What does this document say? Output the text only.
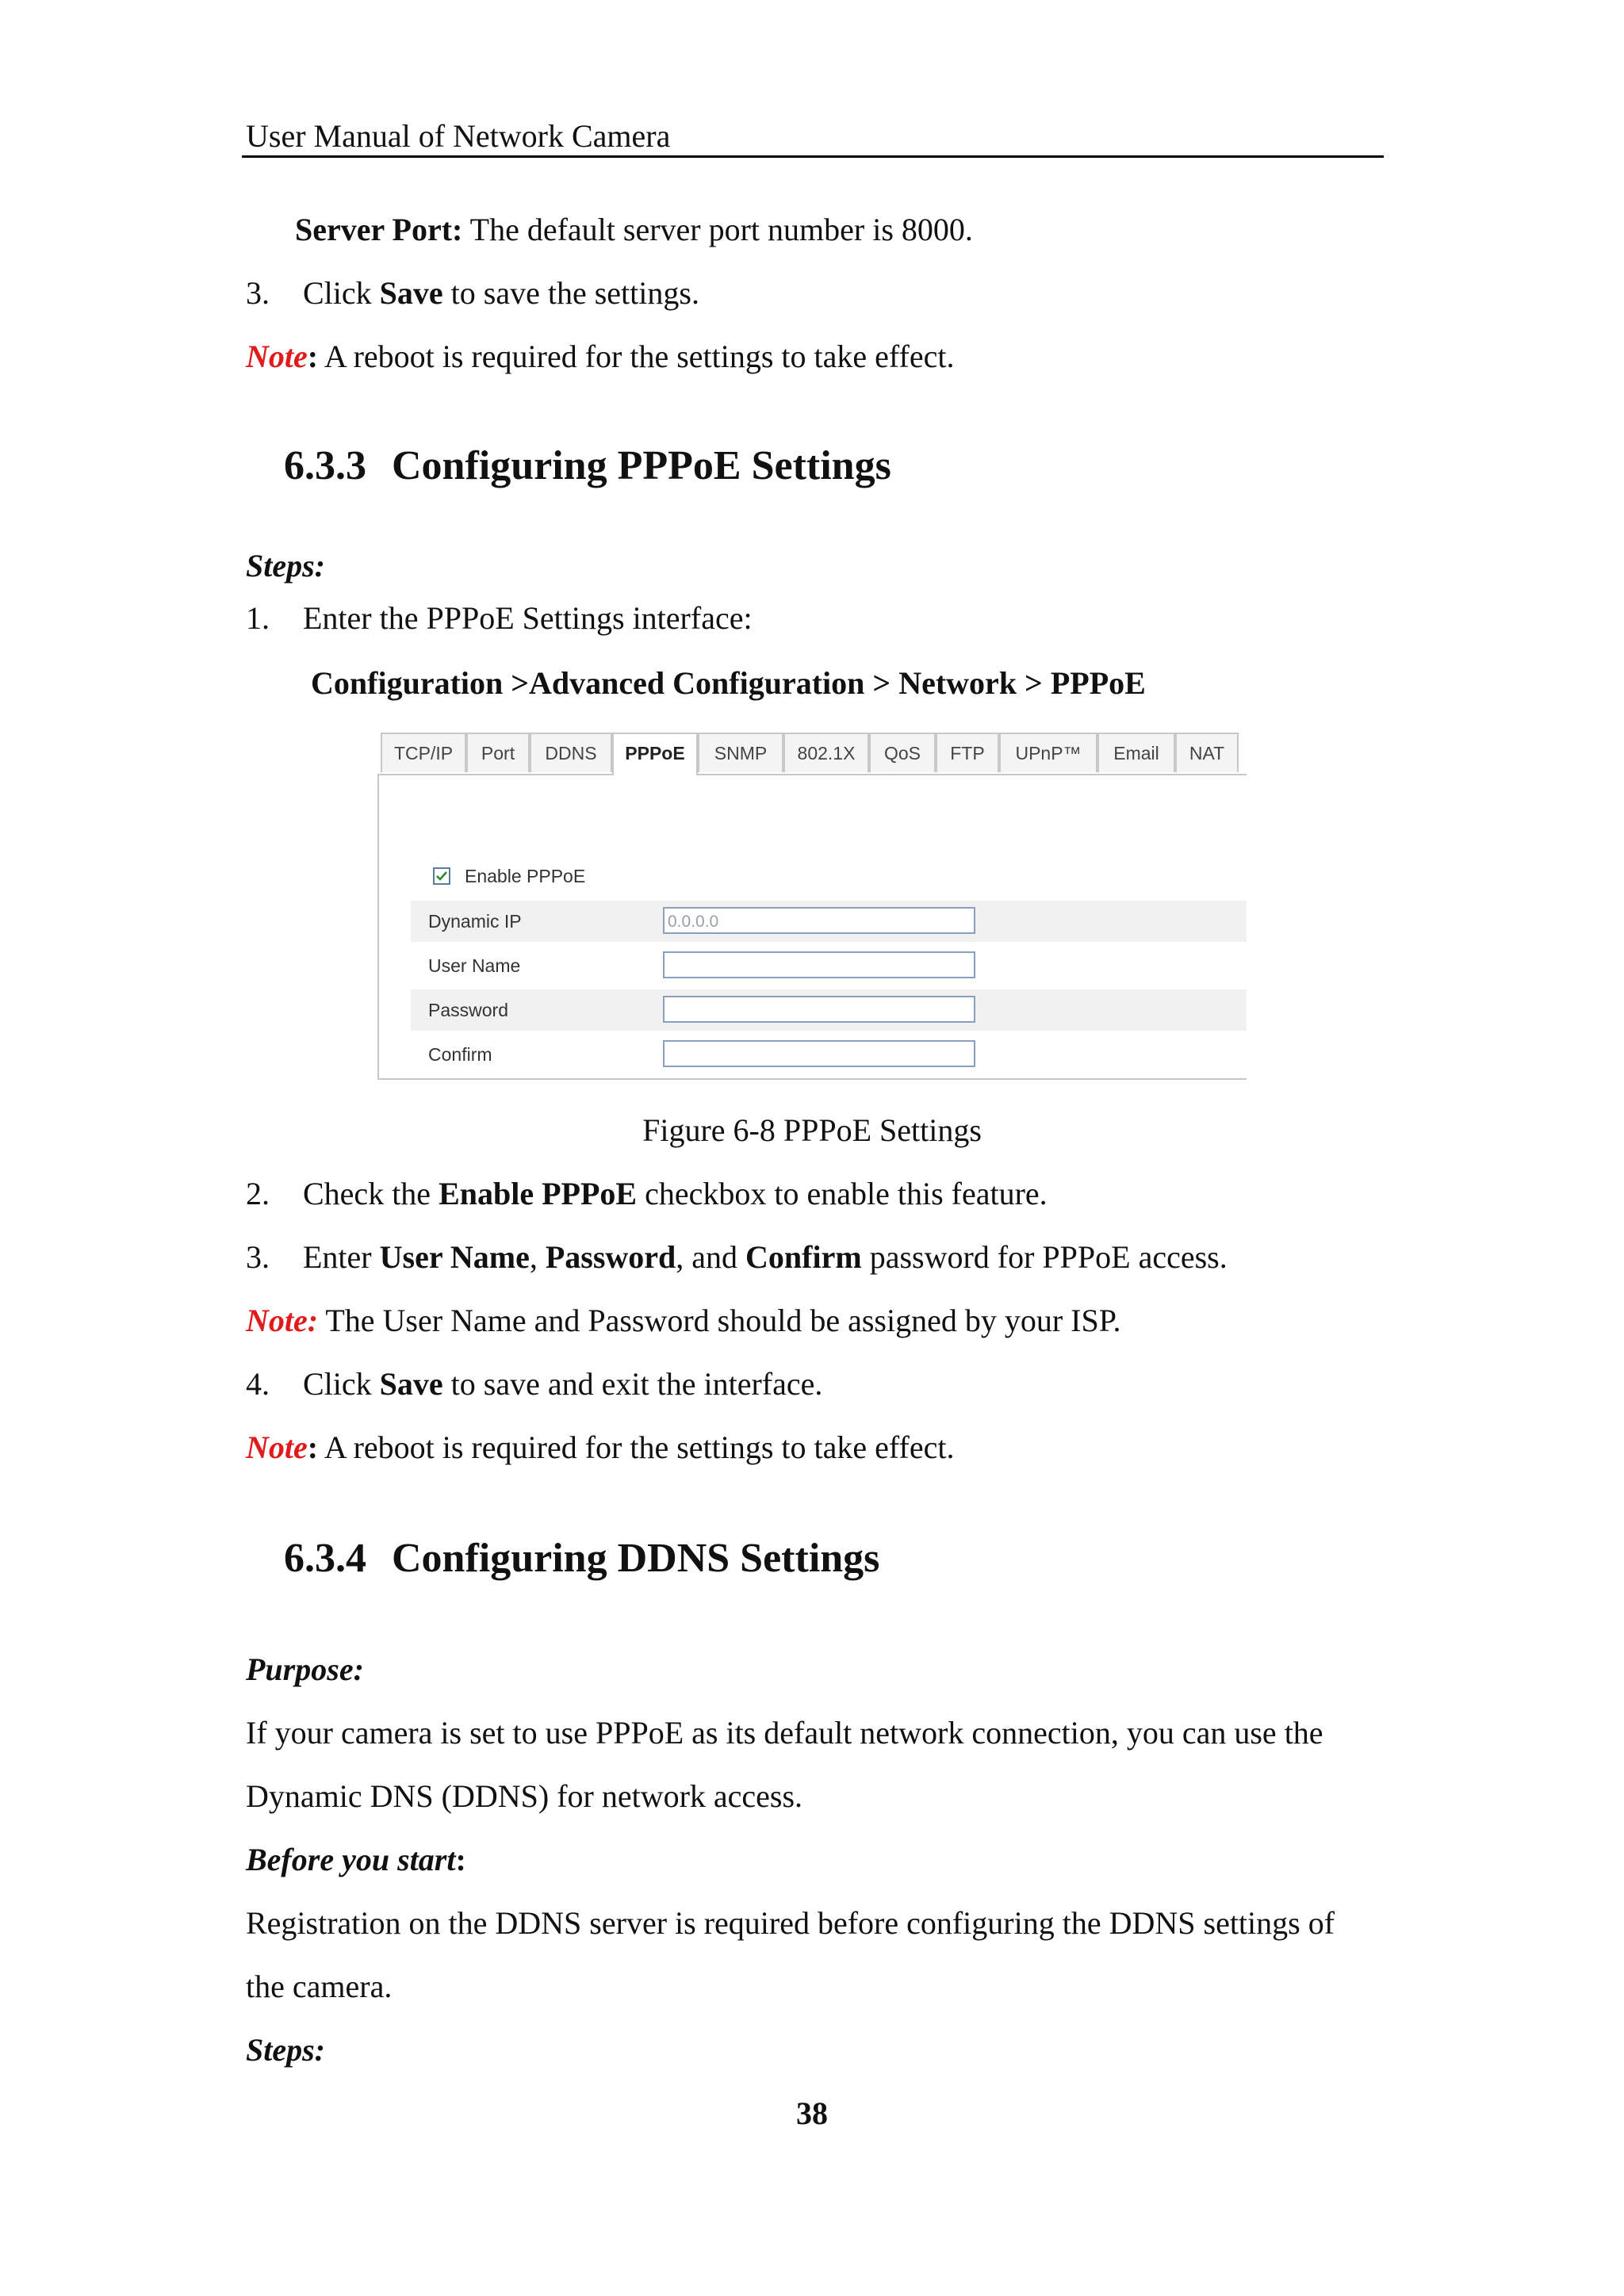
User Manual of Network Camera
Server Port: The default server port number is 8000.
3. Click Save to save the settings.
Note: A reboot is required for the settings to take effect.
6.3.3 Configuring PPPoE Settings
Steps:
1. Enter the PPPoE Settings interface:
Configuration >Advanced Configuration > Network > PPPoE
TCP/IP	Port	DDNS	PPPoE	SNMP	802.1X	QoS	FTP	UPnP™	Email	NAT
Enable PPPoE
Dynamic IP	0.0.0.0
User Name
Password
Confirm
Figure 6-8 PPPoE Settings
2. Check the Enable PPPoE checkbox to enable this feature.
3. Enter User Name, Password, and Confirm password for PPPoE access.
Note: The User Name and Password should be assigned by your ISP.
4. Click Save to save and exit the interface.
Note: A reboot is required for the settings to take effect.
6.3.4 Configuring DDNS Settings
Purpose:
If your camera is set to use PPPoE as its default network connection, you can use the
Dynamic DNS (DDNS) for network access.
Before you start:
Registration on the DDNS server is required before configuring the DDNS settings of
the camera.
Steps:
38
